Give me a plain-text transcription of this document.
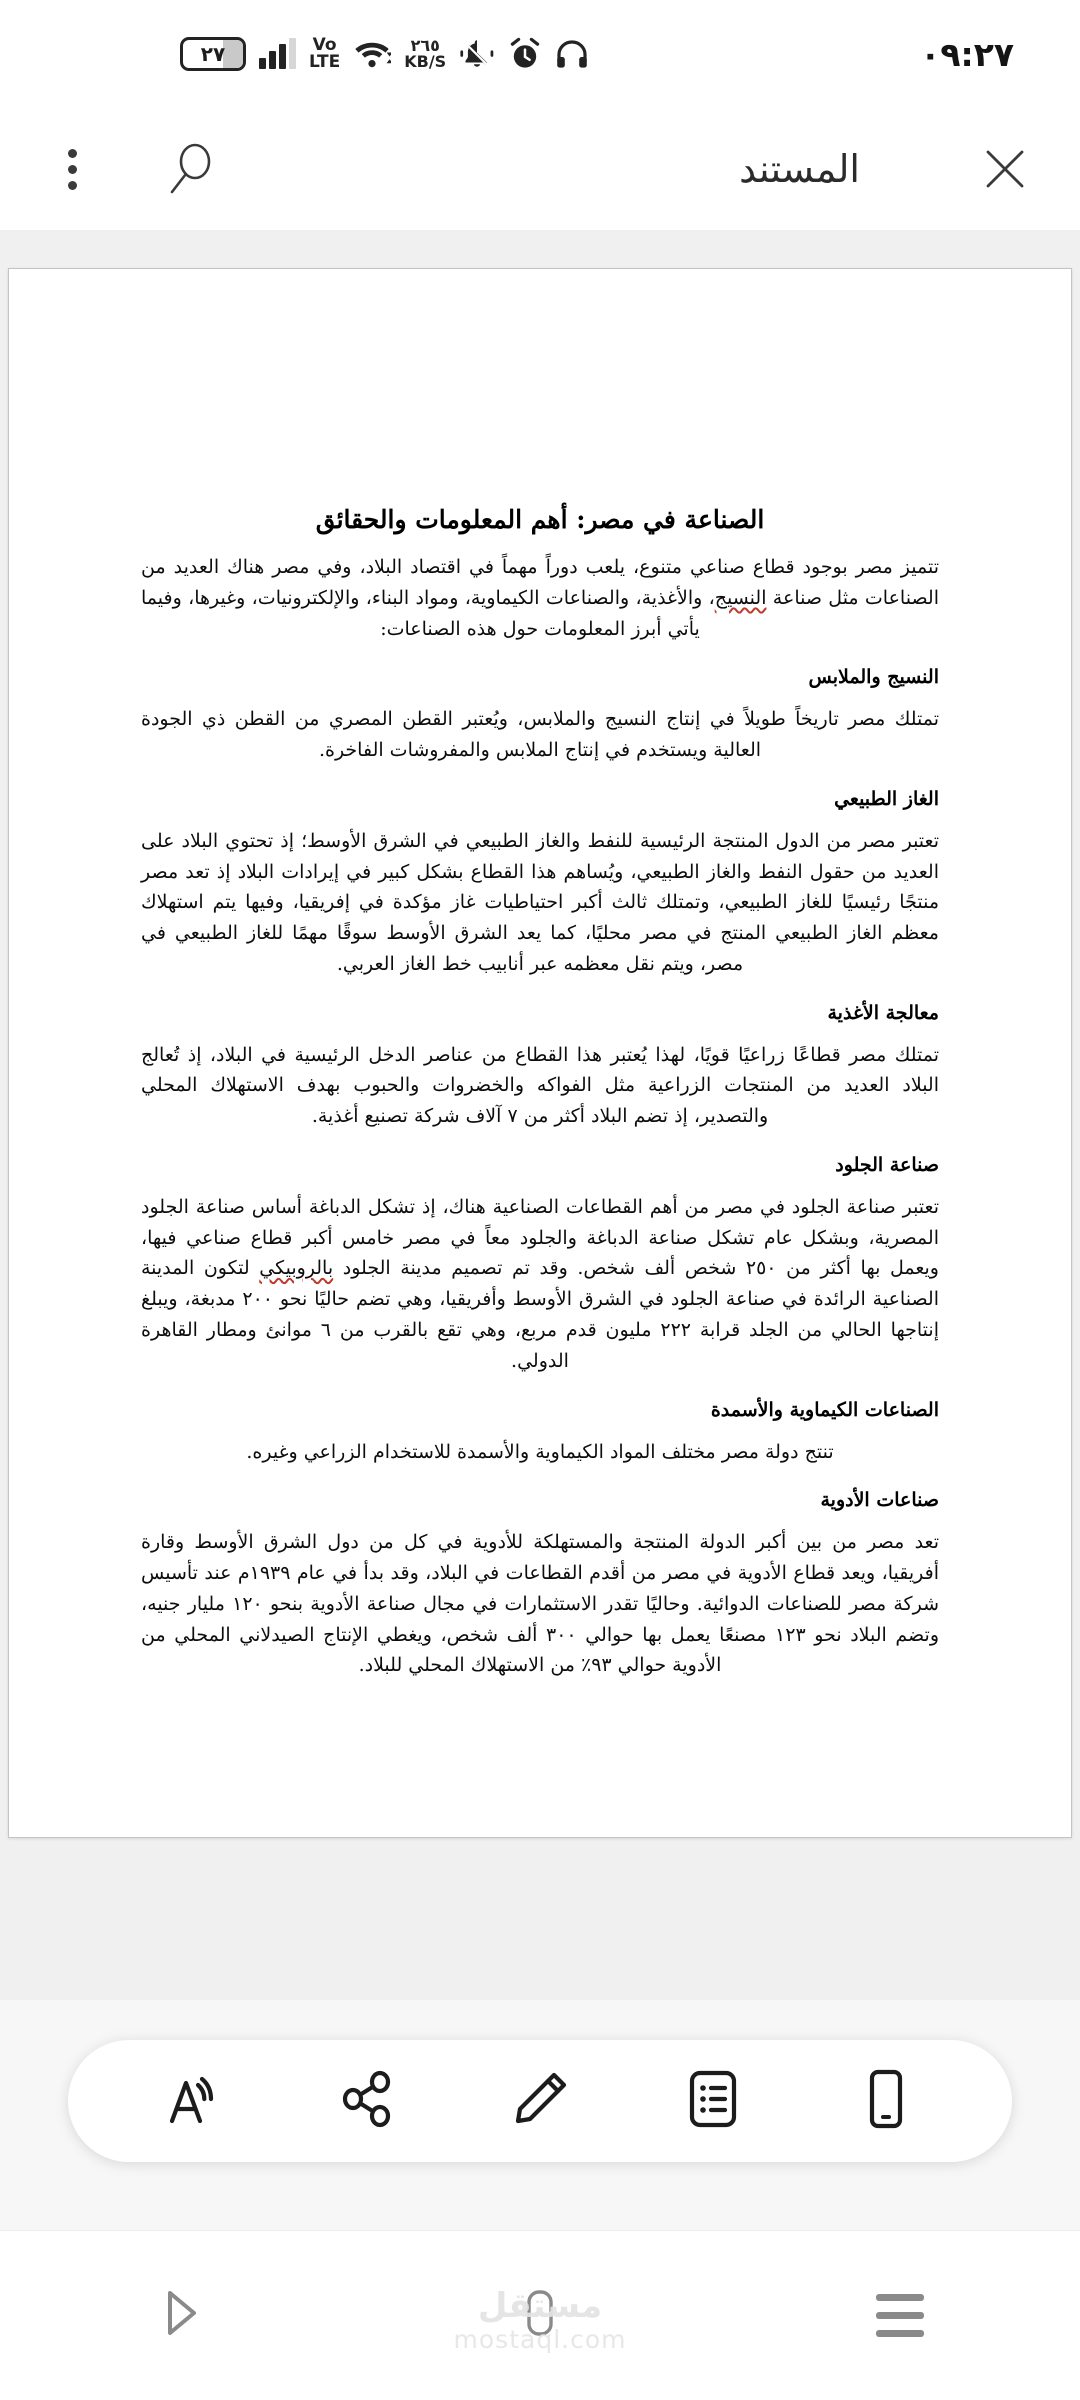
٢٧	Vo
LTE
٢٦٥
KB/S	٠٩:٢٧
المستند
الصناعة في مصر: أهم المعلومات والحقائق

تتميز مصر بوجود قطاع صناعي متنوع، يلعب دوراً مهماً في اقتصاد البلاد، وفي مصر هناك العديد من الصناعات مثل صناعة النسيج، والأغذية، والصناعات الكيماوية، ومواد البناء، والإلكترونيات، وغيرها، وفيما يأتي أبرز المعلومات حول هذه الصناعات:

النسيج والملابس

تمتلك مصر تاريخاً طويلاً في إنتاج النسيج والملابس، ويُعتبر القطن المصري من القطن ذي الجودة العالية ويستخدم في إنتاج الملابس والمفروشات الفاخرة.

الغاز الطبيعي

تعتبر مصر من الدول المنتجة الرئيسية للنفط والغاز الطبيعي في الشرق الأوسط؛ إذ تحتوي البلاد على العديد من حقول النفط والغاز الطبيعي، ويُساهم هذا القطاع بشكل كبير في إيرادات البلاد إذ تعد مصر منتجًا رئيسيًا للغاز الطبيعي، وتمتلك ثالث أكبر احتياطيات غاز مؤكدة في إفريقيا، وفيها يتم استهلاك معظم الغاز الطبيعي المنتج في مصر محليًا، كما يعد الشرق الأوسط سوقًا مهمًا للغاز الطبيعي في مصر، ويتم نقل معظمه عبر أنابيب خط الغاز العربي.

معالجة الأغذية

تمتلك مصر قطاعًا زراعيًا قويًا، لهذا يُعتبر هذا القطاع من عناصر الدخل الرئيسية في البلاد، إذ تُعالج البلاد العديد من المنتجات الزراعية مثل الفواكه والخضروات والحبوب بهدف الاستهلاك المحلي والتصدير، إذ تضم البلاد أكثر من ٧ آلاف شركة تصنيع أغذية.

صناعة الجلود

تعتبر صناعة الجلود في مصر من أهم القطاعات الصناعية هناك، إذ تشكل الدباغة أساس صناعة الجلود المصرية، وبشكل عام تشكل صناعة الدباغة والجلود معاً في مصر خامس أكبر قطاع صناعي فيها، ويعمل بها أكثر من ٢٥٠ شخص ألف شخص. وقد تم تصميم مدينة الجلود بالروبيكي لتكون المدينة الصناعية الرائدة في صناعة الجلود في الشرق الأوسط وأفريقيا، وهي تضم حاليًا نحو ٢٠٠ مدبغة، ويبلغ إنتاجها الحالي من الجلد قرابة ٢٢٢ مليون قدم مربع، وهي تقع بالقرب من ٦ موانئ ومطار القاهرة الدولي.

الصناعات الكيماوية والأسمدة

تنتج دولة مصر مختلف المواد الكيماوية والأسمدة للاستخدام الزراعي وغيره.

صناعات الأدوية

تعد مصر من بين أكبر الدولة المنتجة والمستهلكة للأدوية في كل من دول الشرق الأوسط وقارة أفريقيا، ويعد قطاع الأدوية في مصر من أقدم القطاعات في البلاد، وقد بدأ في عام ١٩٣٩م عند تأسيس شركة مصر للصناعات الدوائية. وحاليًا تقدر الاستثمارات في مجال صناعة الأدوية بنحو ١٢٠ مليار جنيه، وتضم البلاد نحو ١٢٣ مصنعًا يعمل بها حوالي ٣٠٠ ألف شخص، ويغطي الإنتاج الصيدلاني المحلي من الأدوية حوالي ٩٣٪ من الاستهلاك المحلي للبلاد.

مستقل
mostaql.com
